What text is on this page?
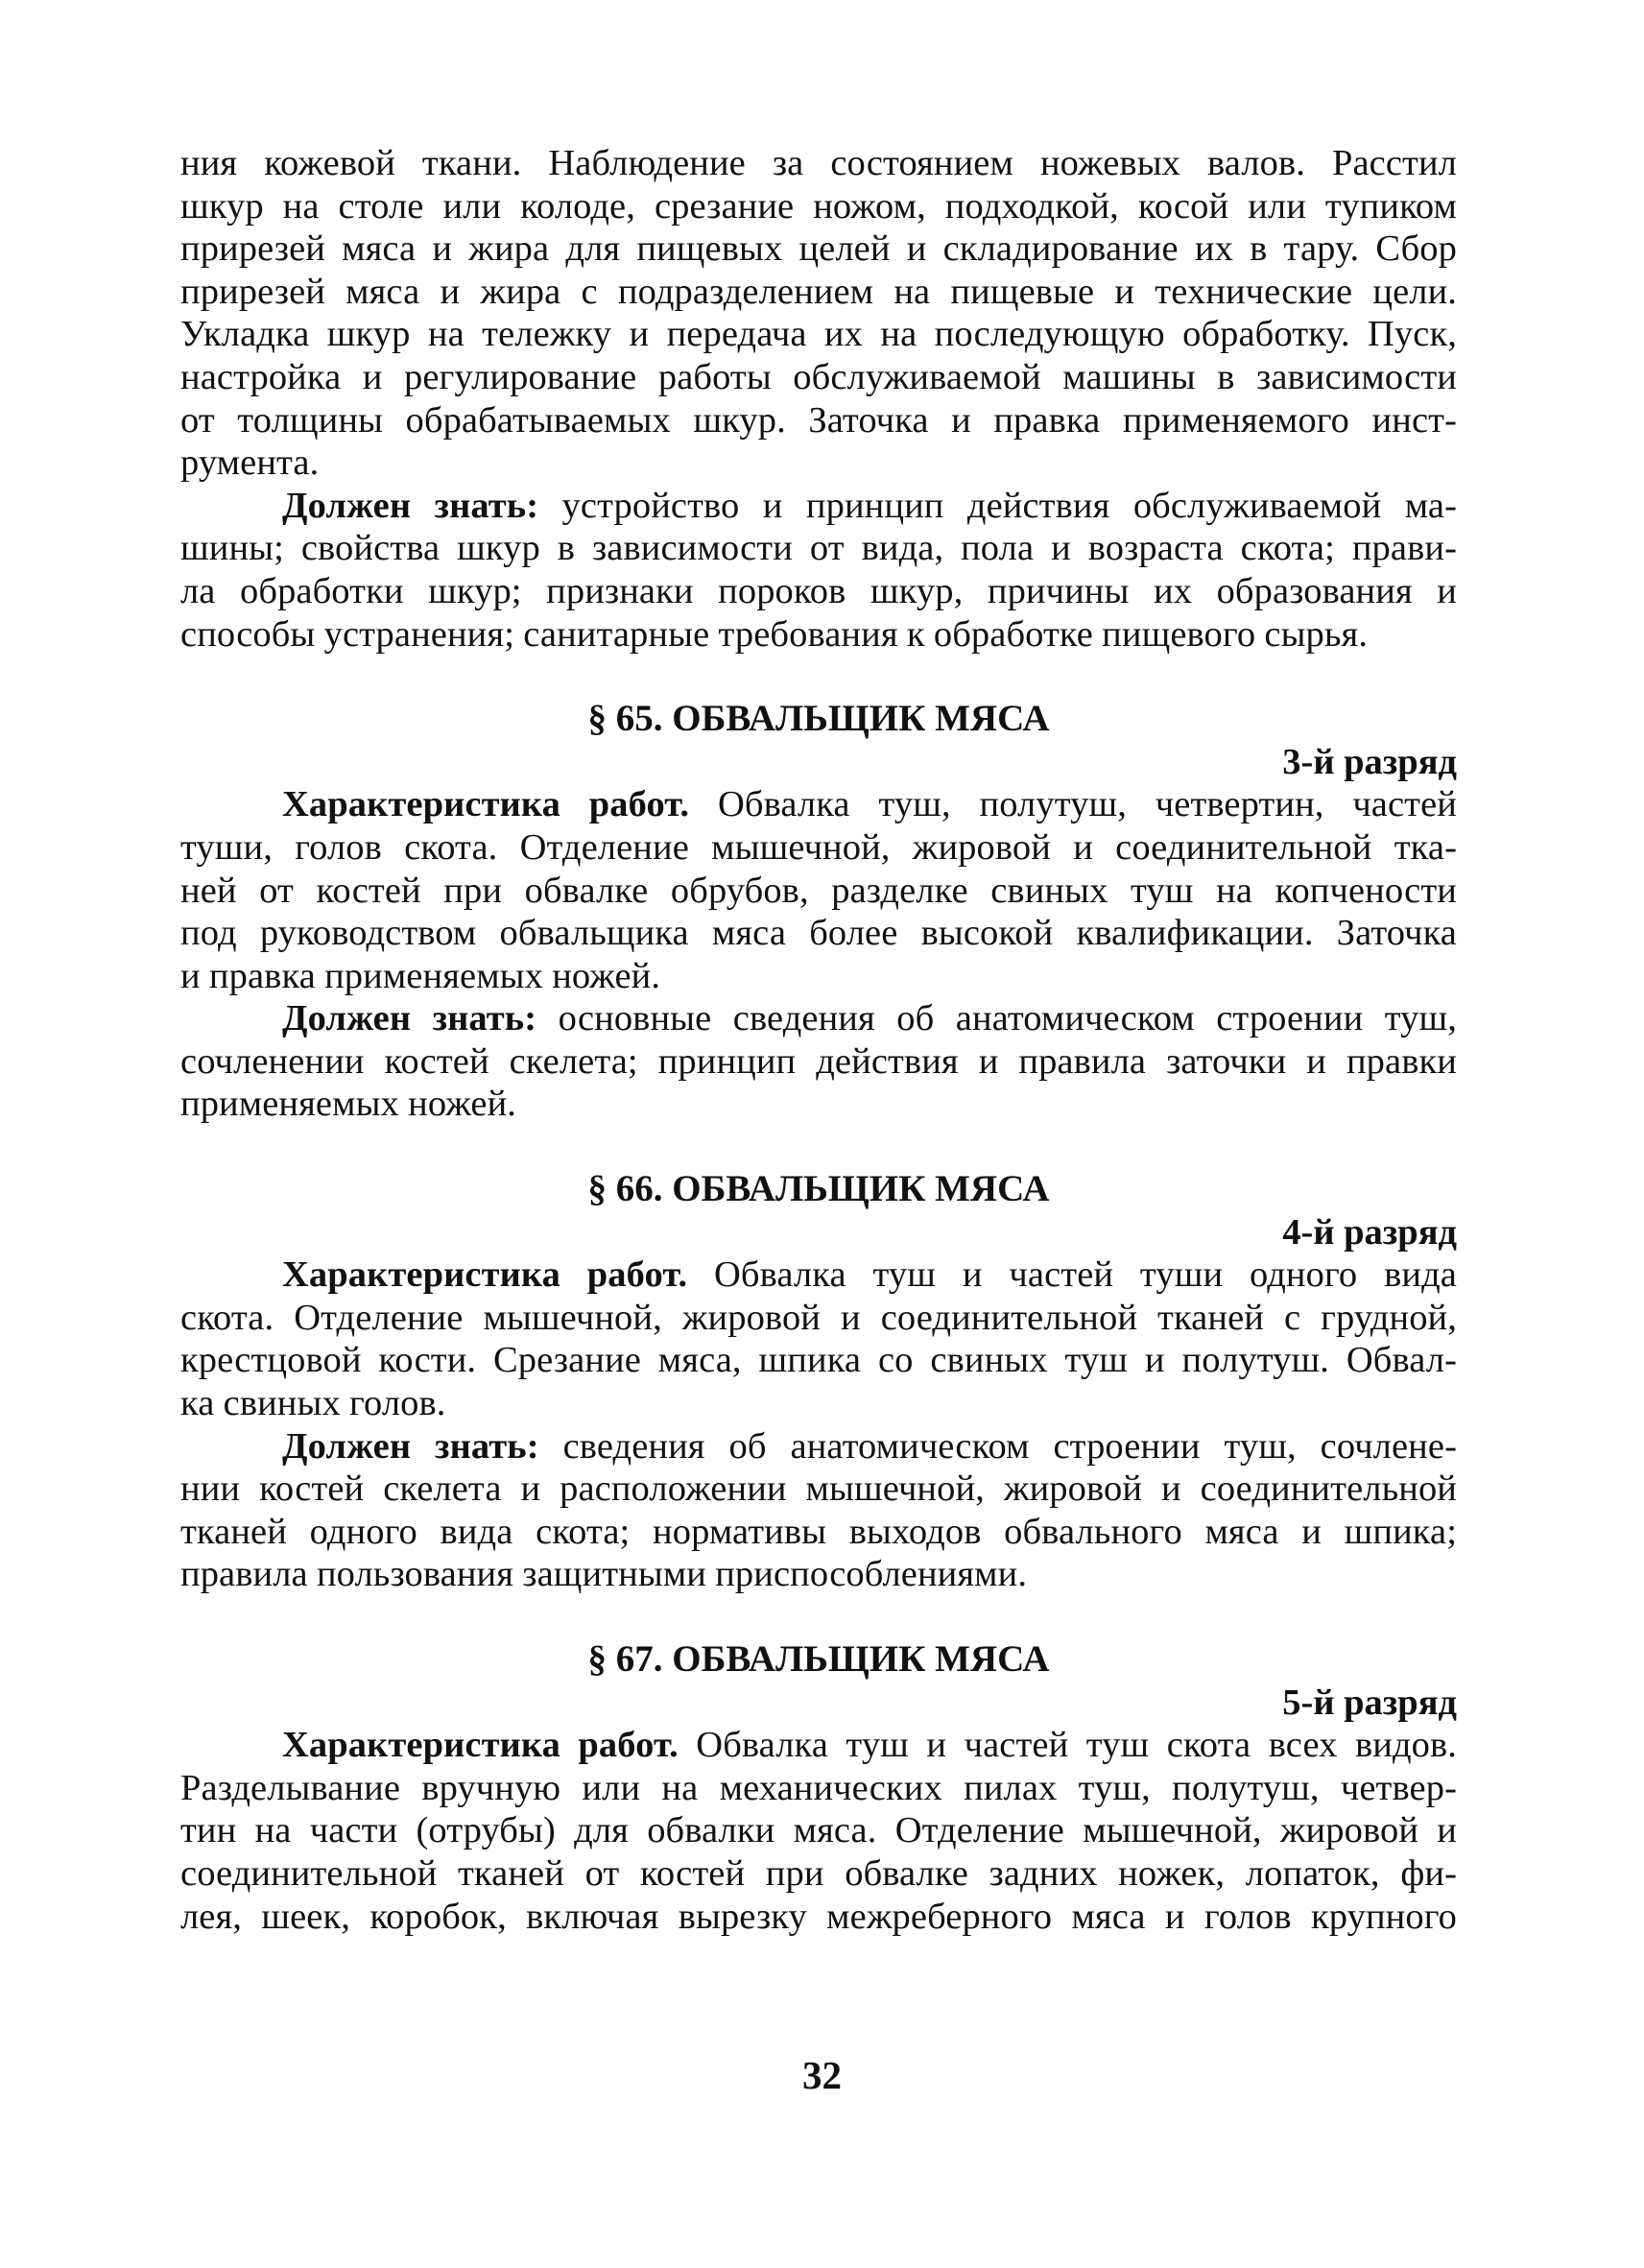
ния кожевой ткани. Наблюдение за состоянием ножевых валов. Расстил

шкур на столе или колоде, срезание ножом, подходкой, косой или тупиком

прирезей мяса и жира для пищевых целей и складирование их в тару. Сбор

прирезей мяса и жира с подразделением на пищевые и технические цели.

Укладка шкур на тележку и передача их на последующую обработку. Пуск,

настройка и регулирование работы обслуживаемой машины в зависимости

от толщины обрабатываемых шкур. Заточка и правка применяемого инст-

румента.

Должен знать: устройство и принцип действия обслуживаемой ма-

шины; свойства шкур в зависимости от вида, пола и возраста скота; прави-

ла обработки шкур; признаки пороков шкур, причины их образования и

способы устранения; санитарные требования к обработке пищевого сырья.

§ 65. ОБВАЛЬЩИК МЯСА
3-й разряд

Характеристика работ. Обвалка туш, полутуш, четвертин, частей

туши, голов скота. Отделение мышечной, жировой и соединительной тка-

ней от костей при обвалке обрубов, разделке свиных туш на копчености

под руководством обвальщика мяса более высокой квалификации. Заточка

и правка применяемых ножей.

Должен знать: основные сведения об анатомическом строении туш,

сочленении костей скелета; принцип действия и правила заточки и правки

применяемых ножей.

§ 66. ОБВАЛЬЩИК МЯСА
4-й разряд

Характеристика работ. Обвалка туш и частей туши одного вида

скота. Отделение мышечной, жировой и соединительной тканей с грудной,

крестцовой кости. Срезание мяса, шпика со свиных туш и полутуш. Обвал-

ка свиных голов.

Должен знать: сведения об анатомическом строении туш, сочлене-

нии костей скелета и расположении мышечной, жировой и соединительной

тканей одного вида скота; нормативы выходов обвального мяса и шпика;

правила пользования защитными приспособлениями.

§ 67. ОБВАЛЬЩИК МЯСА
5-й разряд

Характеристика работ. Обвалка туш и частей туш скота всех видов.

Разделывание вручную или на механических пилах туш, полутуш, четвер-

тин на части (отрубы) для обвалки мяса. Отделение мышечной, жировой и

соединительной тканей от костей при обвалке задних ножек, лопаток, фи-

лея, шеек, коробок, включая вырезку межреберного мяса и голов крупного

32
